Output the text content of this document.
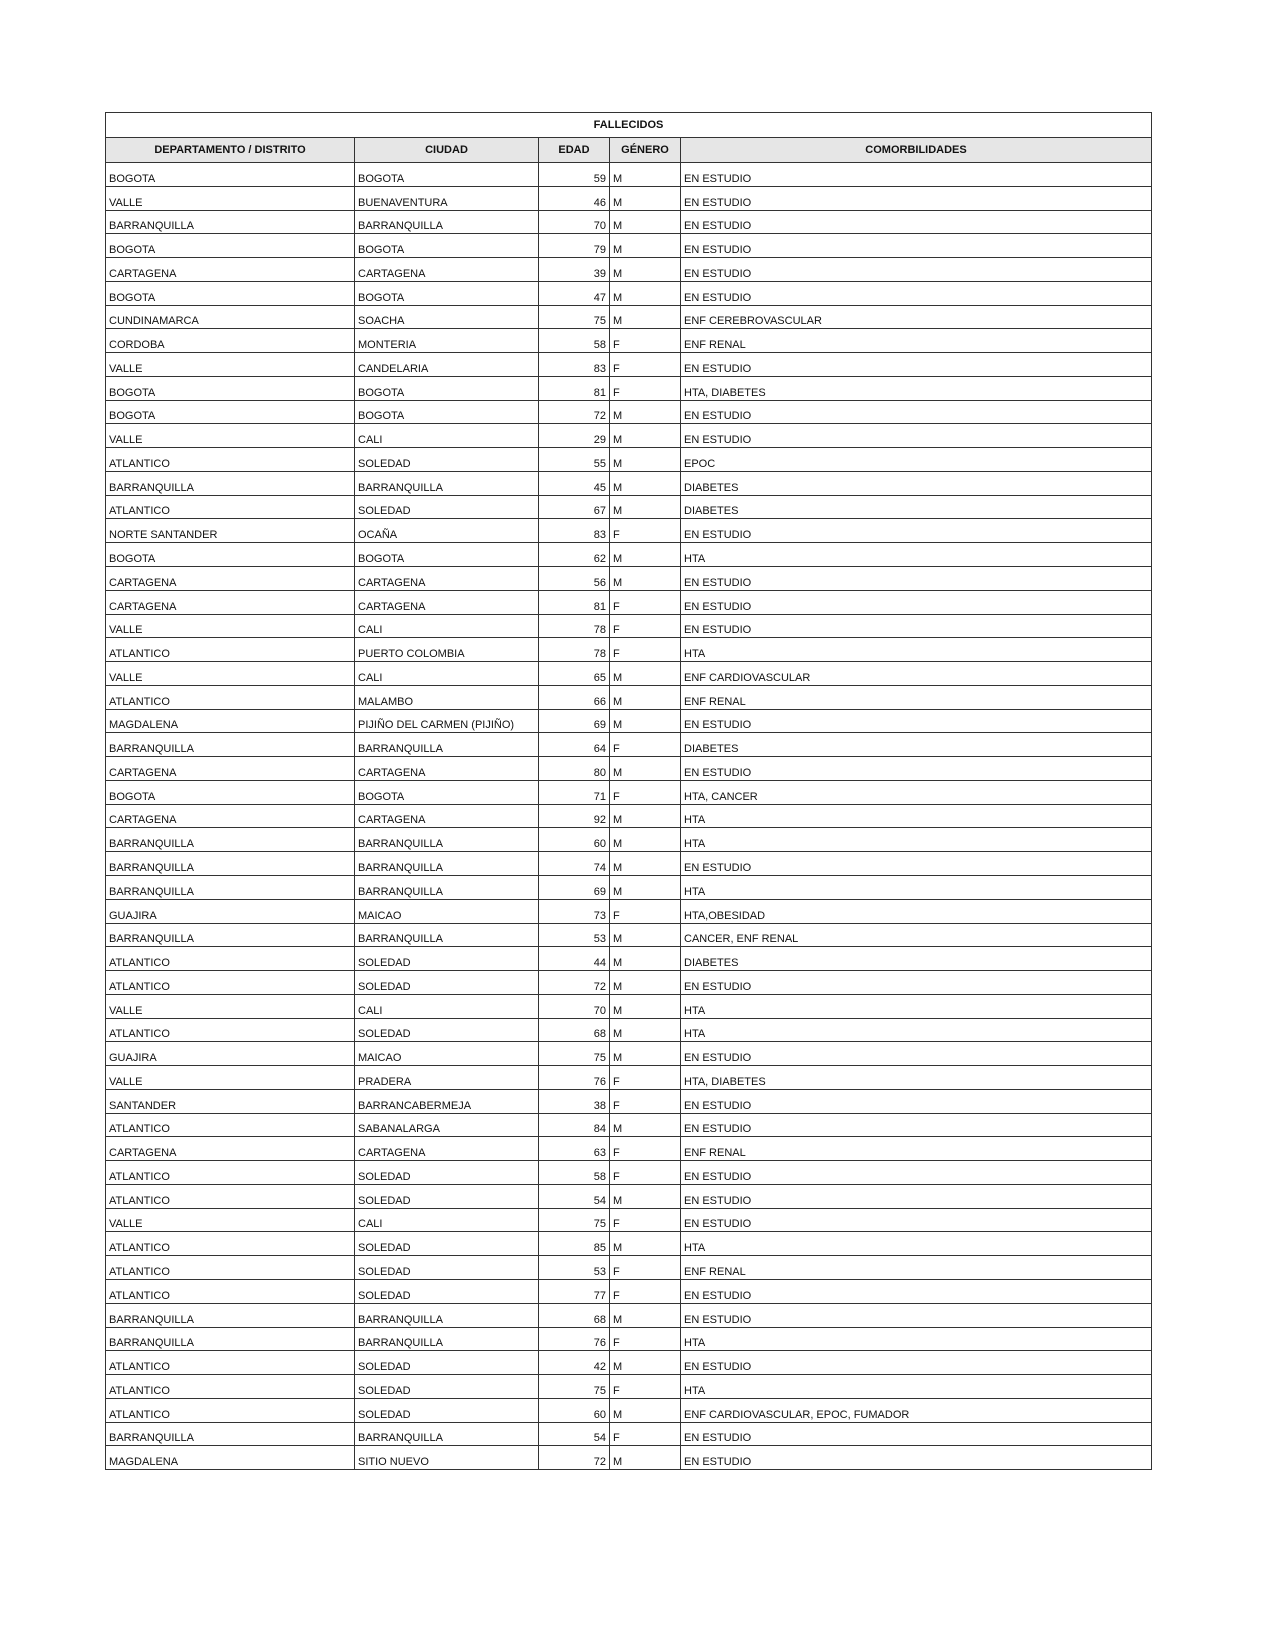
FALLECIDOS				
DEPARTAMENTO / DISTRITO	CIUDAD	EDAD	GÉNERO	COMORBILIDADES
BOGOTA	BOGOTA	59	M	EN ESTUDIO
VALLE	BUENAVENTURA	46	M	EN ESTUDIO
BARRANQUILLA	BARRANQUILLA	70	M	EN ESTUDIO
BOGOTA	BOGOTA	79	M	EN ESTUDIO
CARTAGENA	CARTAGENA	39	M	EN ESTUDIO
BOGOTA	BOGOTA	47	M	EN ESTUDIO
CUNDINAMARCA	SOACHA	75	M	ENF CEREBROVASCULAR
CORDOBA	MONTERIA	58	F	ENF RENAL
VALLE	CANDELARIA	83	F	EN ESTUDIO
BOGOTA	BOGOTA	81	F	HTA, DIABETES
BOGOTA	BOGOTA	72	M	EN ESTUDIO
VALLE	CALI	29	M	EN ESTUDIO
ATLANTICO	SOLEDAD	55	M	EPOC
BARRANQUILLA	BARRANQUILLA	45	M	DIABETES
ATLANTICO	SOLEDAD	67	M	DIABETES
NORTE SANTANDER	OCAÑA	83	F	EN ESTUDIO
BOGOTA	BOGOTA	62	M	HTA
CARTAGENA	CARTAGENA	56	M	EN ESTUDIO
CARTAGENA	CARTAGENA	81	F	EN ESTUDIO
VALLE	CALI	78	F	EN ESTUDIO
ATLANTICO	PUERTO COLOMBIA	78	F	HTA
VALLE	CALI	65	M	ENF CARDIOVASCULAR
ATLANTICO	MALAMBO	66	M	ENF RENAL
MAGDALENA	PIJIÑO DEL CARMEN (PIJIÑO)	69	M	EN ESTUDIO
BARRANQUILLA	BARRANQUILLA	64	F	DIABETES
CARTAGENA	CARTAGENA	80	M	EN ESTUDIO
BOGOTA	BOGOTA	71	F	HTA, CANCER
CARTAGENA	CARTAGENA	92	M	HTA
BARRANQUILLA	BARRANQUILLA	60	M	HTA
BARRANQUILLA	BARRANQUILLA	74	M	EN ESTUDIO
BARRANQUILLA	BARRANQUILLA	69	M	HTA
GUAJIRA	MAICAO	73	F	HTA,OBESIDAD
BARRANQUILLA	BARRANQUILLA	53	M	CANCER, ENF RENAL
ATLANTICO	SOLEDAD	44	M	DIABETES
ATLANTICO	SOLEDAD	72	M	EN ESTUDIO
VALLE	CALI	70	M	HTA
ATLANTICO	SOLEDAD	68	M	HTA
GUAJIRA	MAICAO	75	M	EN ESTUDIO
VALLE	PRADERA	76	F	HTA, DIABETES
SANTANDER	BARRANCABERMEJA	38	F	EN ESTUDIO
ATLANTICO	SABANALARGA	84	M	EN ESTUDIO
CARTAGENA	CARTAGENA	63	F	ENF RENAL
ATLANTICO	SOLEDAD	58	F	EN ESTUDIO
ATLANTICO	SOLEDAD	54	M	EN ESTUDIO
VALLE	CALI	75	F	EN ESTUDIO
ATLANTICO	SOLEDAD	85	M	HTA
ATLANTICO	SOLEDAD	53	F	ENF RENAL
ATLANTICO	SOLEDAD	77	F	EN ESTUDIO
BARRANQUILLA	BARRANQUILLA	68	M	EN ESTUDIO
BARRANQUILLA	BARRANQUILLA	76	F	HTA
ATLANTICO	SOLEDAD	42	M	EN ESTUDIO
ATLANTICO	SOLEDAD	75	F	HTA
ATLANTICO	SOLEDAD	60	M	ENF CARDIOVASCULAR, EPOC, FUMADOR
BARRANQUILLA	BARRANQUILLA	54	F	EN ESTUDIO
MAGDALENA	SITIO NUEVO	72	M	EN ESTUDIO
